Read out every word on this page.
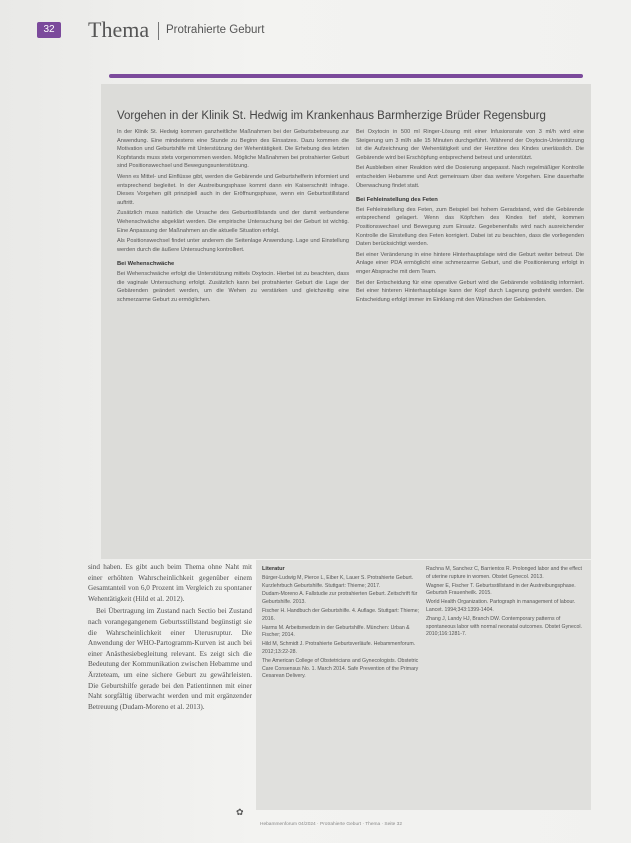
32 Thema Protrahierte Geburt
Vorgehen in der Klinik St. Hedwig im Krankenhaus Barmherzige Brüder Regensburg

In der Klinik St. Hedwig kommen ganzheitliche Maßnahmen bei der Geburtsbetreuung zur Anwendung. Eine mindestens eine Stunde zu Beginn des Einsatzes. Dazu kommen die Motivation und Geburtshilfe mit Unterstützung der Wehentätigkeit. Die Erhebung des letzten Kopfstands muss stets vorgenommen werden. Mögliche Maßnahmen bei protrahierter Geburt sind Positionswechsel und Bewegungsunterstützung.

Wenn es Mittel- und Einflüsse gibt, werden die Gebärende und Geburtshelferin informiert und entsprechend begleitet. In der Austreibungsphase kommt dann ein Kaiserschnitt infrage. Dieses Vorgehen gilt prinzipiell auch in der Eröffnungsphase, wenn ein Geburtsstillstand auftritt.

Zusätzlich muss natürlich die Ursache des Geburtsstillstands und der damit verbundene Wehenschwäche abgeklärt werden. Die empirische Untersuchung bei der Geburt ist wichtig. Eine Anpassung der Maßnahmen an die aktuelle Situation erfolgt.

Als Positionswechsel findet unter anderem die Seitenlage Anwendung. Lage und Einstellung werden durch die äußere Untersuchung kontrolliert.

Bei Wehenschwäche

Bei Wehenschwäche erfolgt die Unterstützung mittels Oxytocin. Hierbei ist zu beachten, dass die vaginale Untersuchung erfolgt. Zusätzlich kann bei protrahierter Geburt die Lage der Gebärenden geändert werden, um die Wehen zu verstärken und gleichzeitig eine schmerzarme Geburt zu ermöglichen.

Bei Oxytocin in 500 ml Ringer-Lösung mit einer Infusionsrate von 3 ml/h wird eine Steigerung um 3 ml/h alle 15 Minuten durchgeführt. Während der Oxytocin-Unterstützung ist die Aufzeichnung der Wehentätigkeit und der Herztöne des Kindes unerlässlich. Die Gebärende wird bei Erschöpfung entsprechend betreut und unterstützt.

Bei Ausbleiben einer Reaktion wird die Dosierung angepasst. Nach regelmäßiger Kontrolle entscheiden Hebamme und Arzt gemeinsam über das weitere Vorgehen. Eine dauerhafte Überwachung findet statt.

Bei Fehleinstellung des Feten

Bei Fehleinstellung des Feten, zum Beispiel bei hohem Geradstand, wird die Gebärende entsprechend gelagert. Wenn das Köpfchen des Kindes tief steht, kommen Positionswechsel und Bewegung zum Einsatz. Gegebenenfalls wird nach ausreichender Kontrolle die Einstellung des Feten korrigiert. Dabei ist zu beachten, dass die vorliegenden Daten berücksichtigt werden.

Bei einer Veränderung in eine hintere Hinterhauptslage wird die Geburt weiter betreut. Die Anlage einer PDA ermöglicht eine schmerzarme Geburt, und die Positionierung erfolgt in enger Absprache mit dem Team.

Bei der Entscheidung für eine operative Geburt wird die Gebärende vollständig informiert. Bei einer hinteren Hinterhauptslage kann der Kopf durch Lagerung gedreht werden. Die Entscheidung erfolgt immer im Einklang mit den Wünschen der Gebärenden.

sind haben. Es gibt auch beim Thema ohne Naht mit einer erhöhten Wahrscheinlichkeit gegenüber einem Gesamtanteil von 6,0 Prozent im Vergleich zu spontaner Wehentätigkeit (Hild et al. 2012).

Bei Übertragung im Zustand nach Sectio bei Zustand nach vorangegangenem Geburtsstillstand begünstigt sie die Wahrscheinlichkeit einer Uterusruptur. Die Anwendung der WHO-Partogramm-Kurven ist auch bei einer Anästhesiebegleitung relevant. Es zeigt sich die Bedeutung der Kommunikation zwischen Hebamme und Ärzteteam, um eine sichere Geburt zu gewährleisten. Die Geburtshilfe gerade bei den Patientinnen mit einer Naht sorgfältig überwacht werden und mit ergänzender Betreuung (Dudam-Moreno et al. 2013).

✿
Literatur

Bürger-Ludwig M, Pierce L, Eiber K, Lauer S. Protrahierte Geburt. Kurzlehrbuch Geburtshilfe. Stuttgart: Thieme; 2017.

Dudam-Moreno A. Fallstudie zur protrahierten Geburt. Zeitschrift für Geburtshilfe. 2013.

Fischer H. Handbuch der Geburtshilfe. 4. Auflage. Stuttgart: Thieme; 2016.

Harms M. Arbeitsmedizin in der Geburtshilfe. München: Urban & Fischer; 2014.

Hild M, Schmidt J. Protrahierte Geburtsverläufe. Hebammenforum. 2012;13:22-28.

The American College of Obstetricians and Gynecologists. Obstetric Care Consensus No. 1. March 2014. Safe Prevention of the Primary Cesarean Delivery.

Rachna M, Sanchez C, Barrientos R. Prolonged labor and the effect of uterine rupture in women. Obstet Gynecol. 2013.

Wagner E, Fischer T. Geburtsstillstand in der Austreibungsphase. Geburtsh Frauenheilk. 2015.

World Health Organization. Partograph in management of labour. Lancet. 1994;343:1399-1404.

Zhang J, Landy HJ, Branch DW. Contemporary patterns of spontaneous labor with normal neonatal outcomes. Obstet Gynecol. 2010;116:1281-7.

Hebammenforum 04/2024 · Protrahierte Geburt · Thema · Seite 32
